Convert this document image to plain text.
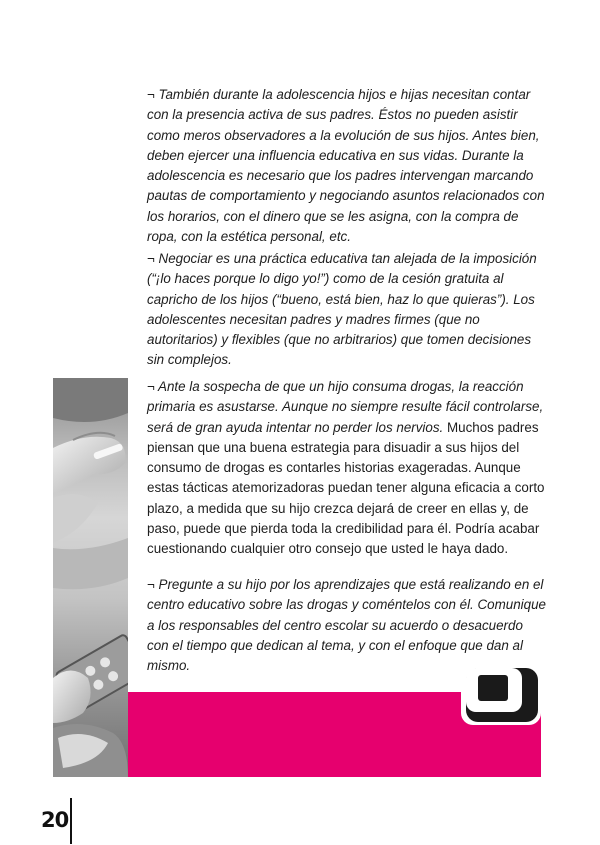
¬ También durante la adolescencia hijos e hijas necesitan contar con la presencia activa de sus padres. Éstos no pueden asistir como meros observadores a la evolución de sus hijos. Antes bien, deben ejercer una influencia educativa en sus vidas. Durante la adolescencia es necesario que los padres intervengan marcando pautas de comportamiento y negociando asuntos relacionados con los horarios, con el dinero que se les asigna, con la compra de ropa, con la estética personal, etc.

¬ Negociar es una práctica educativa tan alejada de la imposición (“¡lo haces porque lo digo yo!”) como de la cesión gratuita al capricho de los hijos (“bueno, está bien, haz lo que quieras”). Los adolescentes necesitan padres y madres firmes (que no autoritarios) y flexibles (que no arbitrarios) que tomen decisiones sin complejos.

¬ Ante la sospecha de que un hijo consuma drogas, la reacción primaria es asustarse. Aunque no siempre resulte fácil controlarse, será de gran ayuda intentar no perder los nervios. Muchos padres piensan que una buena estrategia para disuadir a sus hijos del consumo de drogas es contarles historias exageradas. Aunque estas tácticas atemorizadoras puedan tener alguna eficacia a corto plazo, a medida que su hijo crezca dejará de creer en ellas y, de paso, puede que pierda toda la credibilidad para él. Podría acabar cuestionando cualquier otro consejo que usted le haya dado.

¬ Pregunte a su hijo por los aprendizajes que está realizando en el centro educativo sobre las drogas y coméntelos con él. Comunique a los responsables del centro escolar su acuerdo o desacuerdo con el tiempo que dedican al tema, y con el enfoque que dan al mismo.

20
